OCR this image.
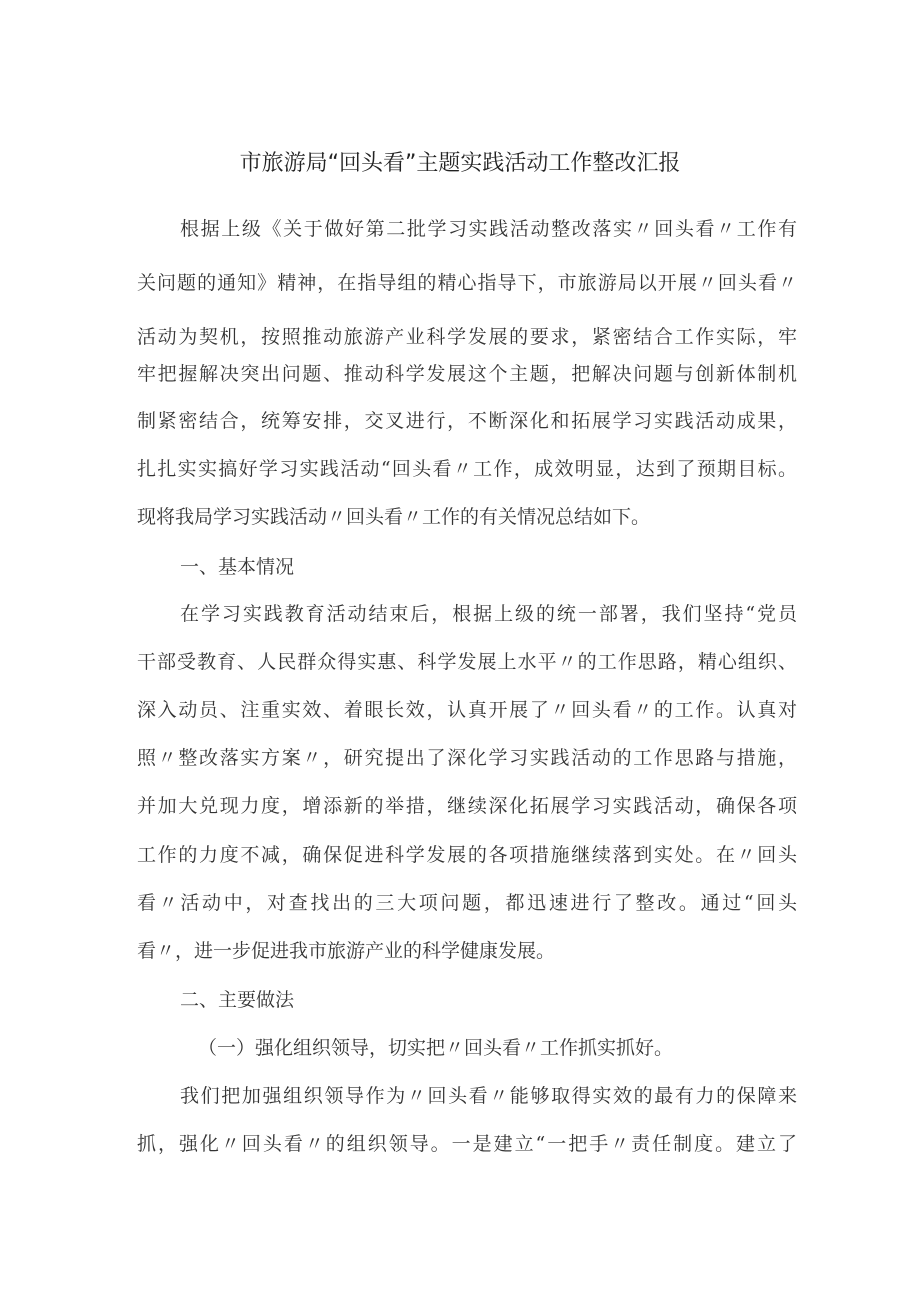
市旅游局“回头看”主题实践活动工作整改汇报
根据上级《关于做好第二批学习实践活动整改落实〃回头看〃工作有
关问题的通知》精神，在指导组的精心指导下，市旅游局以开展〃回头看〃
活动为契机，按照推动旅游产业科学发展的要求，紧密结合工作实际，牢
牢把握解决突出问题、推动科学发展这个主题，把解决问题与创新体制机
制紧密结合，统筹安排，交叉进行，不断深化和拓展学习实践活动成果，
扎扎实实搞好学习实践活动“回头看〃工作，成效明显，达到了预期目标。
现将我局学习实践活动〃回头看〃工作的有关情况总结如下。
一、基本情况
在学习实践教育活动结束后，根据上级的统一部署，我们坚持“党员
干部受教育、人民群众得实惠、科学发展上水平〃的工作思路，精心组织、
深入动员、注重实效、着眼长效，认真开展了〃回头看〃的工作。认真对
照〃整改落实方案〃，研究提出了深化学习实践活动的工作思路与措施，
并加大兑现力度，增添新的举措，继续深化拓展学习实践活动，确保各项
工作的力度不减，确保促进科学发展的各项措施继续落到实处。在〃回头
看〃活动中，对查找出的三大项问题，都迅速进行了整改。通过“回头
看〃，进一步促进我市旅游产业的科学健康发展。
二、主要做法
（一）强化组织领导，切实把〃回头看〃工作抓实抓好。
我们把加强组织领导作为〃回头看〃能够取得实效的最有力的保障来
抓，强化〃回头看〃的组织领导。一是建立“一把手〃责任制度。建立了
